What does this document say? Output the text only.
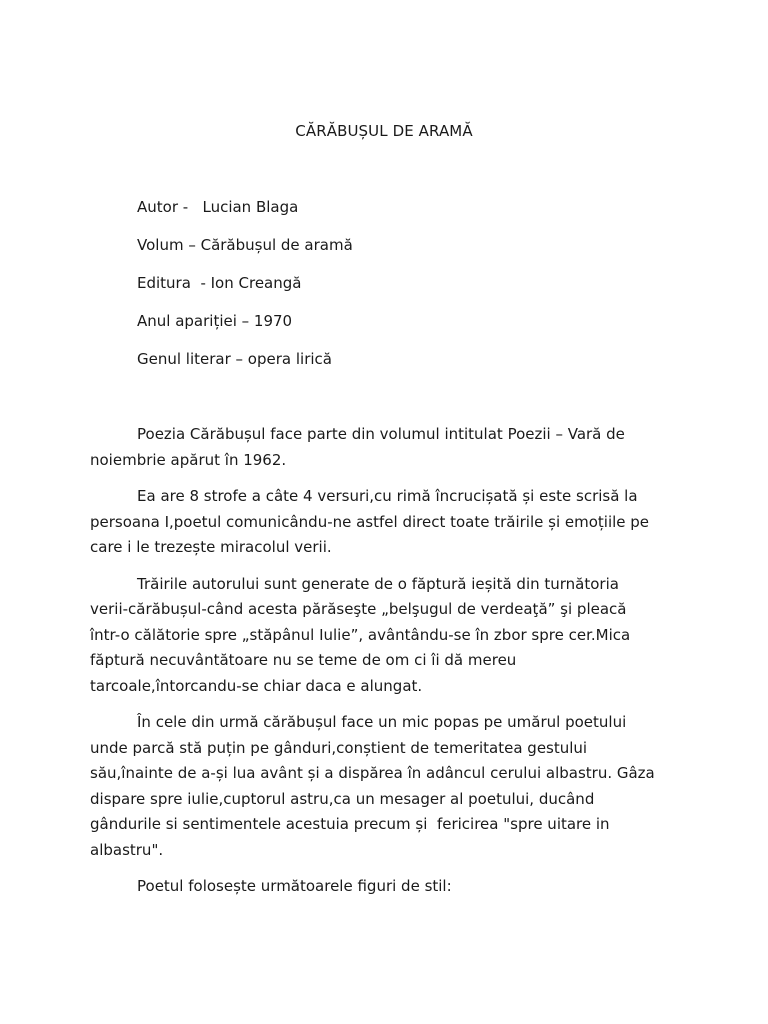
CĂRĂBUȘUL DE ARAMĂ
Autor -   Lucian Blaga
Volum – Cărăbușul de aramă
Editura  - Ion Creangă
Anul apariției – 1970
Genul literar – opera lirică

Poezia Cărăbușul face parte din volumul intitulat Poezii – Vară de
noiembrie apărut în 1962.

Ea are 8 strofe a câte 4 versuri,cu rimă încrucișată și este scrisă la
persoana I,poetul comunicându-ne astfel direct toate trăirile și emoțiile pe
care i le trezește miracolul verii.

Trăirile autorului sunt generate de o făptură ieșită din turnătoria
verii-cărăbușul-când acesta părăseşte „belşugul de verdeaţă” şi pleacă
într-o călătorie spre „stăpânul Iulie”, avântându-se în zbor spre cer.Mica
făptură necuvântătoare nu se teme de om ci îi dă mereu
tarcoale,întorcandu-se chiar daca e alungat.

În cele din urmă cărăbușul face un mic popas pe umărul poetului
unde parcă stă puțin pe gânduri,conștient de temeritatea gestului
său,înainte de a-și lua avânt și a dispărea în adâncul cerului albastru. Gâza
dispare spre iulie,cuptorul astru,ca un mesager al poetului, ducând
gândurile si sentimentele acestuia precum și  fericirea "spre uitare in
albastru".

Poetul folosește următoarele figuri de stil:
